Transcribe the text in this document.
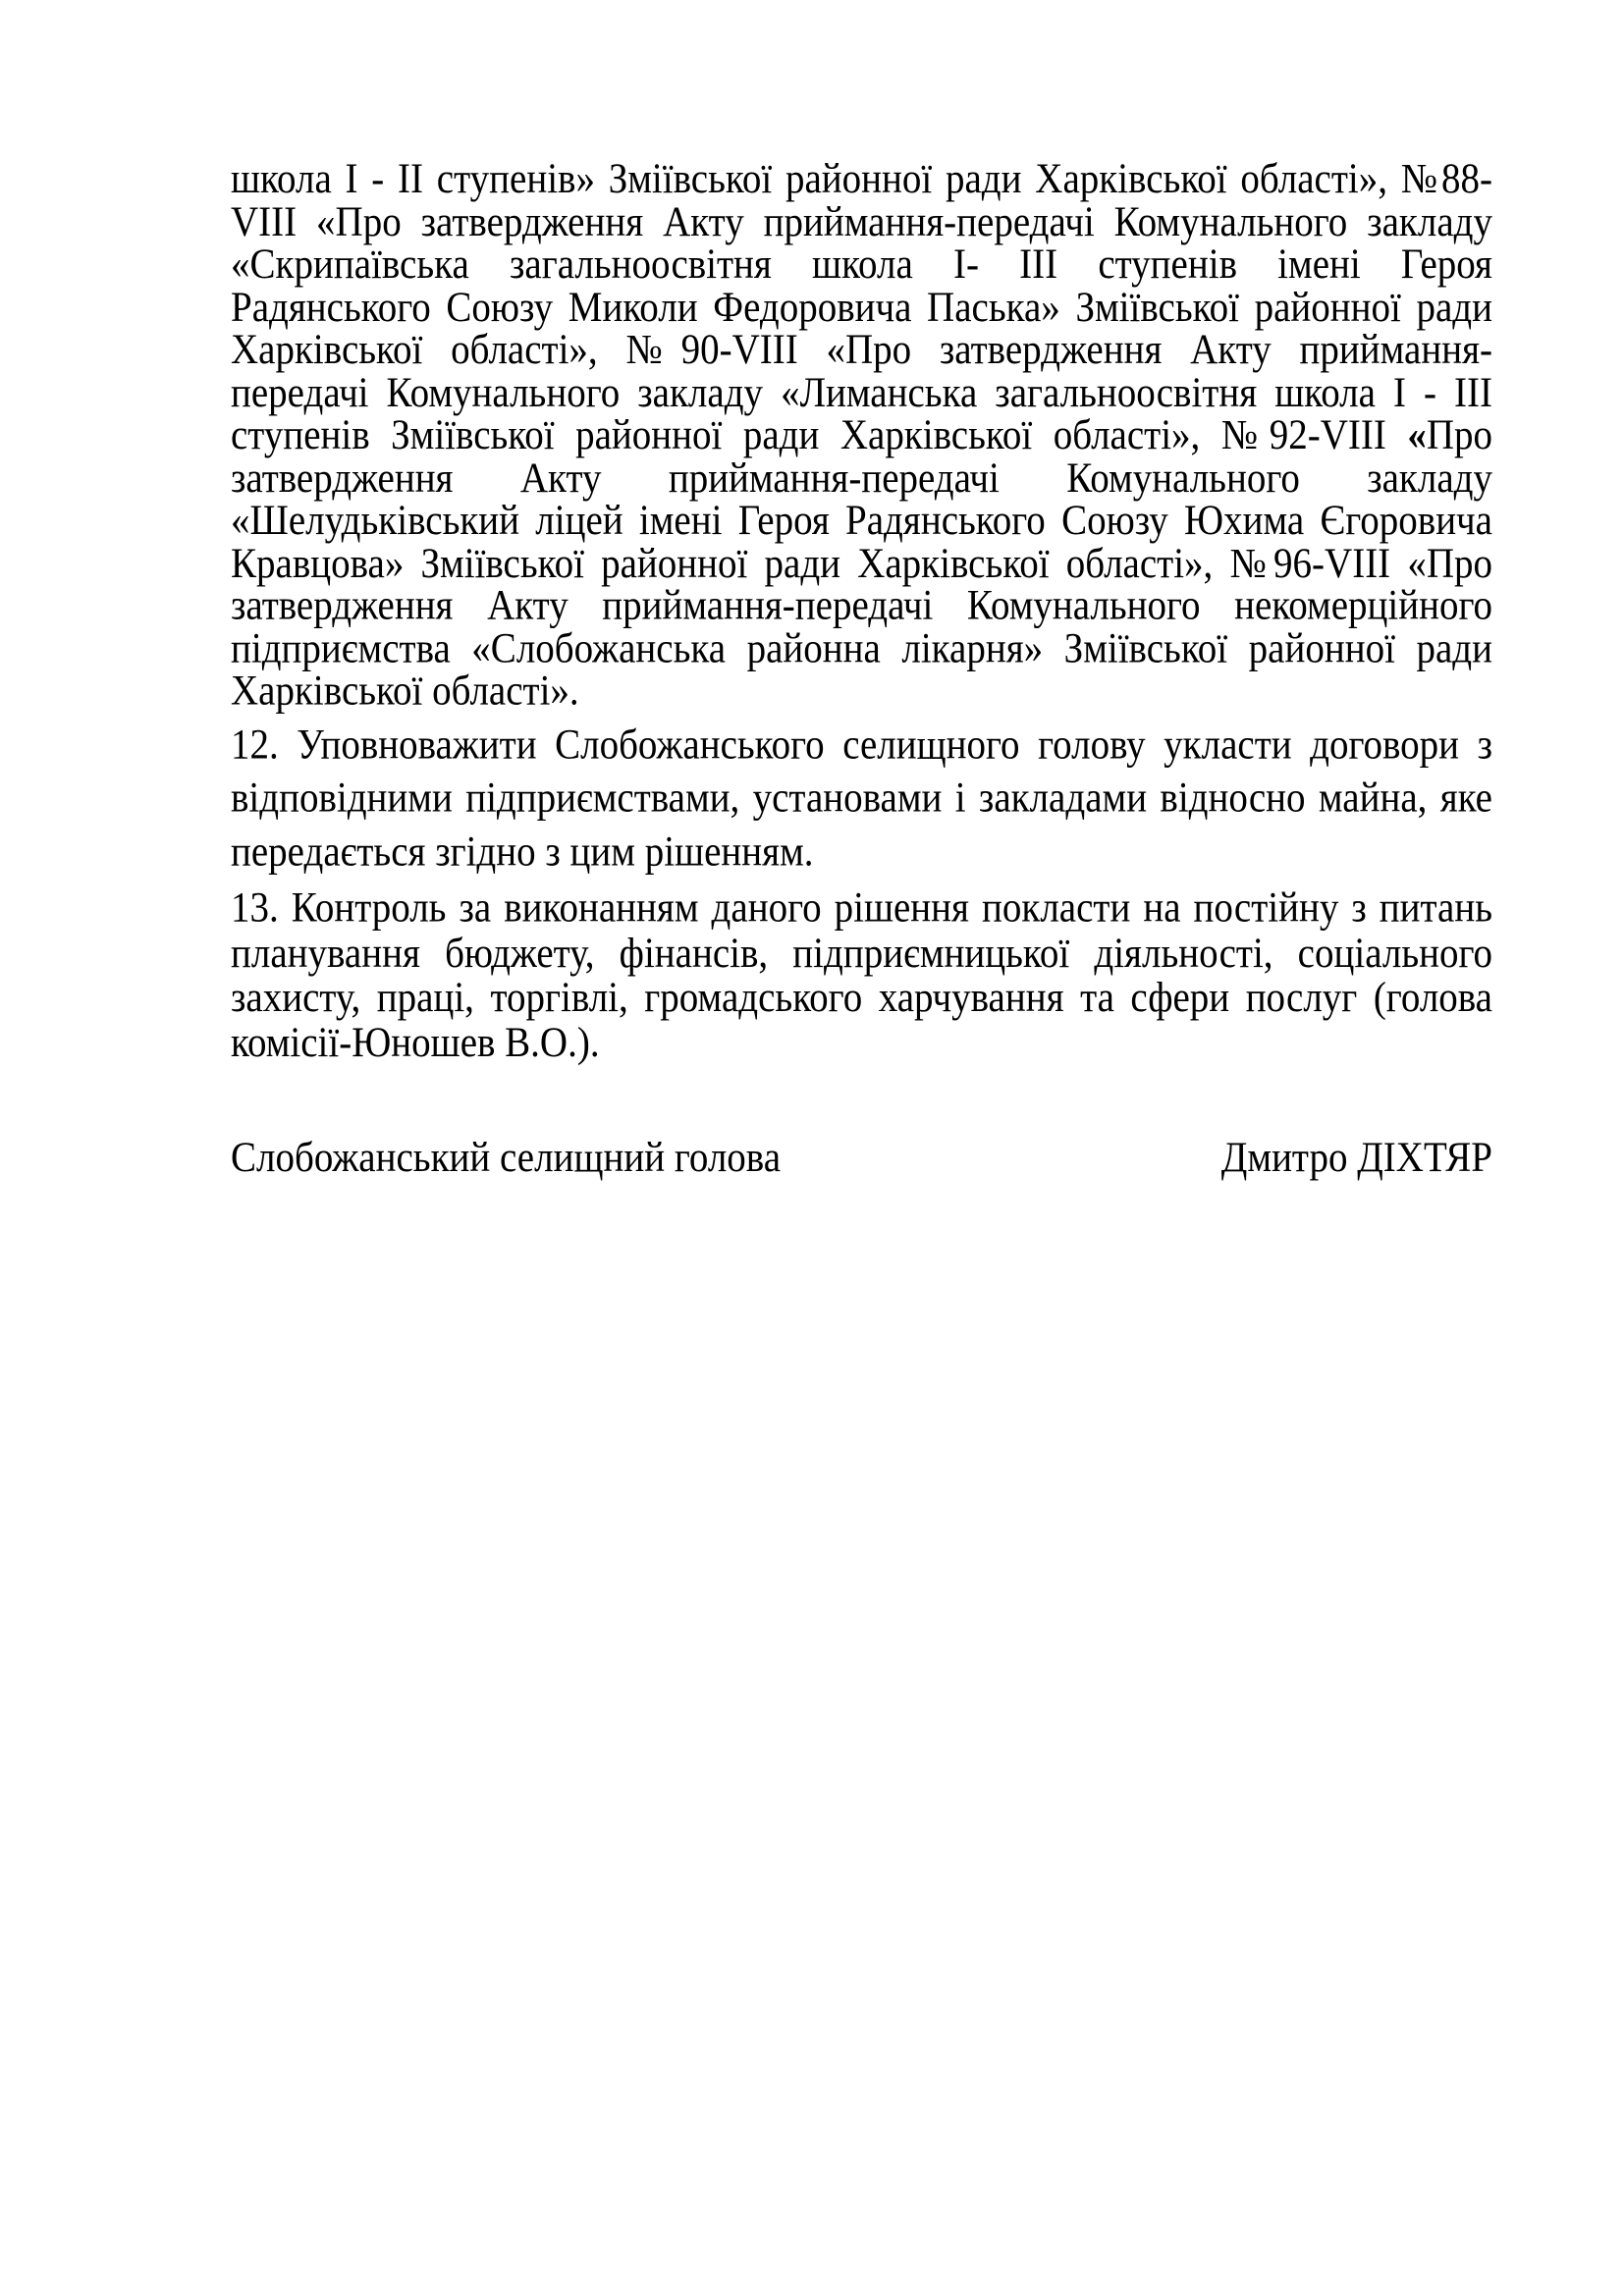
школа І - ІІ ступенів» Зміївської районної ради Харківської області», №88-
VIII «Про затвердження Акту приймання-передачі Комунального закладу
«Скрипаївська загальноосвітня школа І- ІІІ ступенів імені Героя
Радянського Союзу Миколи Федоровича Паська» Зміївської районної ради
Харківської області», №90-VIII «Про затвердження Акту приймання-
передачі Комунального закладу «Лиманська загальноосвітня школа І - ІІІ
ступенів Зміївської районної ради Харківської області», №92-VIII «Про
затвердження Акту приймання-передачі Комунального закладу
«Шелудьківський ліцей імені Героя Радянського Союзу Юхима Єгоровича
Кравцова» Зміївської районної ради Харківської області», №96-VIII «Про
затвердження Акту приймання-передачі Комунального некомерційного
підприємства «Слобожанська районна лікарня» Зміївської районної ради
Харківської області».
12. Уповноважити Слобожанського селищного голову укласти договори з
відповідними підприємствами, установами і закладами відносно майна, яке
передається згідно з цим рішенням.
13. Контроль за виконанням даного рішення покласти на постійну з питань
планування бюджету, фінансів, підприємницької діяльності, соціального
захисту, праці, торгівлі, громадського харчування та сфери послуг (голова
комісії-Юношев В.О.).
Слобожанський селищний голова	Дмитро ДІХТЯР
